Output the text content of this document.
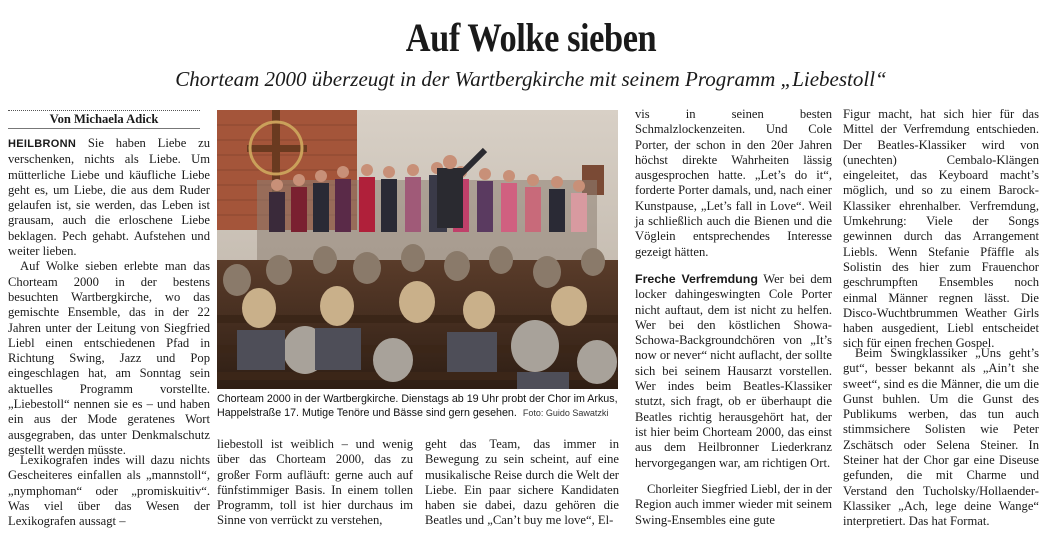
Auf Wolke sieben
Chorteam 2000 überzeugt in der Wartbergkirche mit seinem Programm „Liebestoll“
Von Michaela Adick

HEILBRONN Sie haben Liebe zu verschenken, nichts als Liebe. Um mütterliche Liebe und käufliche Liebe geht es, um Liebe, die aus dem Ruder gelaufen ist, sie werden, das Leben ist grausam, auch die erloschene Liebe beklagen. Pech gehabt. Aufstehen und weiter lieben.

Auf Wolke sieben erlebte man das Chorteam 2000 in der bestens besuchten Wartbergkirche, wo das gemischte Ensemble, das in der 22 Jahren unter der Leitung von Siegfried Liebl einen entschiedenen Pfad in Richtung Swing, Jazz und Pop eingeschlagen hat, am Sonntag sein aktuelles Programm vorstellte. „Liebestoll“ nennen sie es – und haben ein aus der Mode geratenes Wort ausgegraben, das unter Denkmalschutz gestellt werden müsste.

Lexikografen indes will dazu nichts Gescheiteres einfallen als „mannstoll“, „nymphoman“ oder „promiskuitiv“. Was viel über das Wesen der Lexikografen aussagt –

Chorteam 2000 in der Wartbergkirche. Dienstags ab 19 Uhr probt der Chor im Arkus, Happelstraße 17. Mutige Tenöre und Bässe sind gern gesehen. Foto: Guido Sawatzki

liebestoll ist weiblich – und wenig über das Chorteam 2000, das zu großer Form aufläuft: gerne auch auf fünfstimmiger Basis. In einem tollen Programm, toll ist hier durchaus im Sinne von verrückt zu verstehen,

geht das Team, das immer in Bewegung zu sein scheint, auf eine musikalische Reise durch die Welt der Liebe. Ein paar sichere Kandidaten haben sie dabei, dazu gehören die Beatles und „Can’t buy me love“, El-

vis in seinen besten Schmalzlockenzeiten. Und Cole Porter, der schon in den 20er Jahren höchst direkte Wahrheiten lässig ausgesprochen hatte. „Let’s do it“, forderte Porter damals, und, nach einer Kunstpause, „Let’s fall in Love“. Weil ja schließlich auch die Bienen und die Vöglein entsprechendes Interesse gezeigt hätten.

Freche Verfremdung Wer bei dem locker dahingeswingten Cole Porter nicht auftaut, dem ist nicht zu helfen. Wer bei den köstlichen Showa-Schowa-Backgroundchören von „It’s now or never“ nicht auflacht, der sollte sich bei seinem Hausarzt vorstellen. Wer indes beim Beatles-Klassiker stutzt, sich fragt, ob er überhaupt die Beatles richtig herausgehört hat, der ist hier beim Chorteam 2000, das einst aus dem Heilbronner Liederkranz hervorgegangen war, am richtigen Ort.

Chorleiter Siegfried Liebl, der in der Region auch immer wieder mit seinem Swing-Ensembles eine gute

Figur macht, hat sich hier für das Mittel der Verfremdung entschieden. Der Beatles-Klassiker wird von (unechten) Cembalo-Klängen eingeleitet, das Keyboard macht’s möglich, und so zu einem Barock-Klassiker ehrenhalber. Verfremdung, Umkehrung: Viele der Songs gewinnen durch das Arrangement Liebls. Wenn Stefanie Pfäffle als Solistin des hier zum Frauenchor geschrumpften Ensembles noch einmal Männer regnen lässt. Die Disco-Wuchtbrummen Weather Girls haben ausgedient, Liebl entscheidet sich für einen frechen Gospel.

Beim Swingklassiker „Uns geht’s gut“, besser bekannt als „Ain’t she sweet“, sind es die Männer, die um die Gunst buhlen. Um die Gunst des Publikums werben, das tun auch stimmsichere Solisten wie Peter Zschätsch oder Selena Steiner. In Steiner hat der Chor gar eine Diseuse gefunden, die mit Charme und Verstand den Tucholsky/Hollaender-Klassiker „Ach, lege deine Wange“ interpretiert. Das hat Format.
